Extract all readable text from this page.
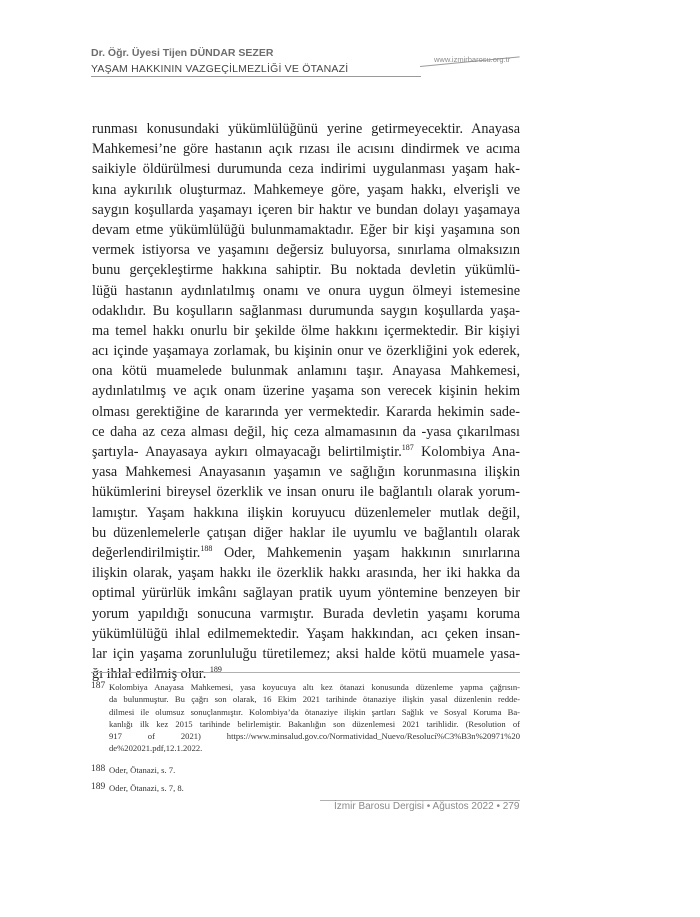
Dr. Öğr. Üyesi Tijen DÜNDAR SEZER
YAŞAM HAKKININ VAZGEÇİLMEZLİĞİ VE ÖTANAZİ
www.izmirbarosu.org.tr
runması konusundaki yükümlülüğünü yerine getirmeyecektir. Anayasa
Mahkemesi’ne göre hastanın açık rızası ile acısını dindirmek ve acıma
saikiyle öldürülmesi durumunda ceza indirimi uygulanması yaşam hak-
kına aykırılık oluşturmaz. Mahkemeye göre, yaşam hakkı, elverişli ve
saygın koşullarda yaşamayı içeren bir haktır ve bundan dolayı yaşamaya
devam etme yükümlülüğü bulunmamaktadır. Eğer bir kişi yaşamına son
vermek istiyorsa ve yaşamını değersiz buluyorsa, sınırlama olmaksızın
bunu gerçekleştirme hakkına sahiptir. Bu noktada devletin yükümlü-
lüğü hastanın aydınlatılmış onamı ve onura uygun ölmeyi istemesine
odaklıdır. Bu koşulların sağlanması durumunda saygın koşullarda yaşa-
ma temel hakkı onurlu bir şekilde ölme hakkını içermektedir. Bir kişiyi
acı içinde yaşamaya zorlamak, bu kişinin onur ve özerkliğini yok ederek,
ona kötü muamelede bulunmak anlamını taşır. Anayasa Mahkemesi,
aydınlatılmış ve açık onam üzerine yaşama son verecek kişinin hekim
olması gerektiğine de kararında yer vermektedir. Kararda hekimin sade-
ce daha az ceza alması değil, hiç ceza almamasının da -yasa çıkarılması
şartıyla- Anayasaya aykırı olmayacağı belirtilmiştir.$^{187}$ Kolombiya Ana-
yasa Mahkemesi Anayasanın yaşamın ve sağlığın korunmasına ilişkin
hükümlerini bireysel özerklik ve insan onuru ile bağlantılı olarak yorum-
lamıştır. Yaşam hakkına ilişkin koruyucu düzenlemeler mutlak değil,
bu düzenlemelerle çatışan diğer haklar ile uyumlu ve bağlantılı olarak
değerlendirilmiştir.$^{188}$ Oder, Mahkemenin yaşam hakkının sınırlarına
ilişkin olarak, yaşam hakkı ile özerklik hakkı arasında, her iki hakka da
optimal yürürlük imkânı sağlayan pratik uyum yöntemine benzeyen bir
yorum yapıldığı sonucuna varmıştır. Burada devletin yaşamı koruma
yükümlülüğü ihlal edilmemektedir. Yaşam hakkından, acı çeken insan-
lar için yaşama zorunluluğu türetilemez; aksi halde kötü muamele yasa-
ğı ihlal edilmiş olur. $^{189}$
187 Kolombiya Anayasa Mahkemesi, yasa koyucuya altı kez ötanazi konusunda düzenleme yapma çağrısın-
da bulunmuştur. Bu çağrı son olarak, 16 Ekim 2021 tarihinde ötanaziye ilişkin yasal düzenlenin redde-
dilmesi ile olumsuz sonuçlanmıştır. Kolombiya’da ötanaziye ilişkin şartları Sağlık ve Sosyal Koruma Ba-
kanlığı ilk kez 2015 tarihinde belirlemiştir. Bakanlığın son düzenlemesi 2021 tarihlidir. (Resolution of
917 of 2021) https://www.minsalud.gov.co/Normatividad_Nuevo/Resolucí%C3%B3n%20971%20
de%202021.pdf,12.1.2022.
188 Oder, Ötanazi, s. 7.
189 Oder, Ötanazi, s. 7, 8.
İzmir Barosu Dergisi • Ağustos 2022 • 279
